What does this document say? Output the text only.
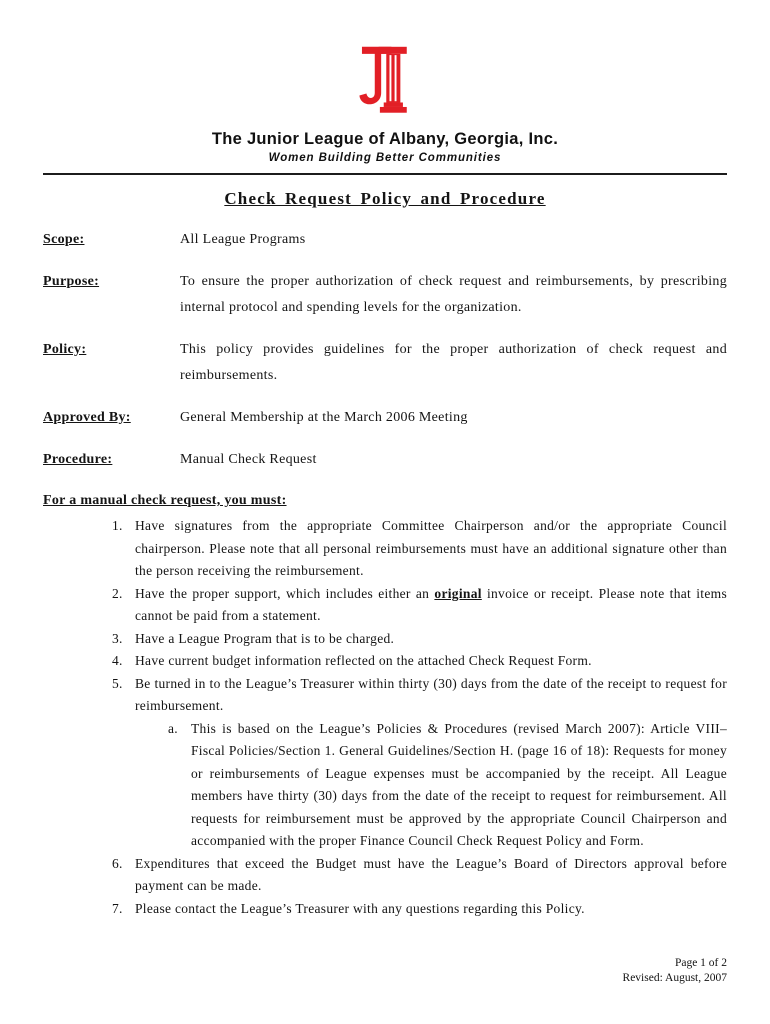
The Junior League of Albany, Georgia, Inc.
Women Building Better Communities
Check Request Policy and Procedure
Scope:	All League Programs
Purpose:	To ensure the proper authorization of check request and reimbursements, by prescribing internal protocol and spending levels for the organization.
Policy:	This policy provides guidelines for the proper authorization of check request and reimbursements.
Approved By:	General Membership at the March 2006 Meeting
Procedure:	Manual Check Request
For a manual check request, you must:
1. Have signatures from the appropriate Committee Chairperson and/or the appropriate Council chairperson. Please note that all personal reimbursements must have an additional signature other than the person receiving the reimbursement.
2. Have the proper support, which includes either an original invoice or receipt. Please note that items cannot be paid from a statement.
3. Have a League Program that is to be charged.
4. Have current budget information reflected on the attached Check Request Form.
5. Be turned in to the League’s Treasurer within thirty (30) days from the date of the receipt to request for reimbursement.
a. This is based on the League’s Policies & Procedures (revised March 2007): Article VIII–Fiscal Policies/Section 1. General Guidelines/Section H. (page 16 of 18): Requests for money or reimbursements of League expenses must be accompanied by the receipt. All League members have thirty (30) days from the date of the receipt to request for reimbursement. All requests for reimbursement must be approved by the appropriate Council Chairperson and accompanied with the proper Finance Council Check Request Policy and Form.
6. Expenditures that exceed the Budget must have the League’s Board of Directors approval before payment can be made.
7. Please contact the League’s Treasurer with any questions regarding this Policy.
Page 1 of 2
Revised: August, 2007
